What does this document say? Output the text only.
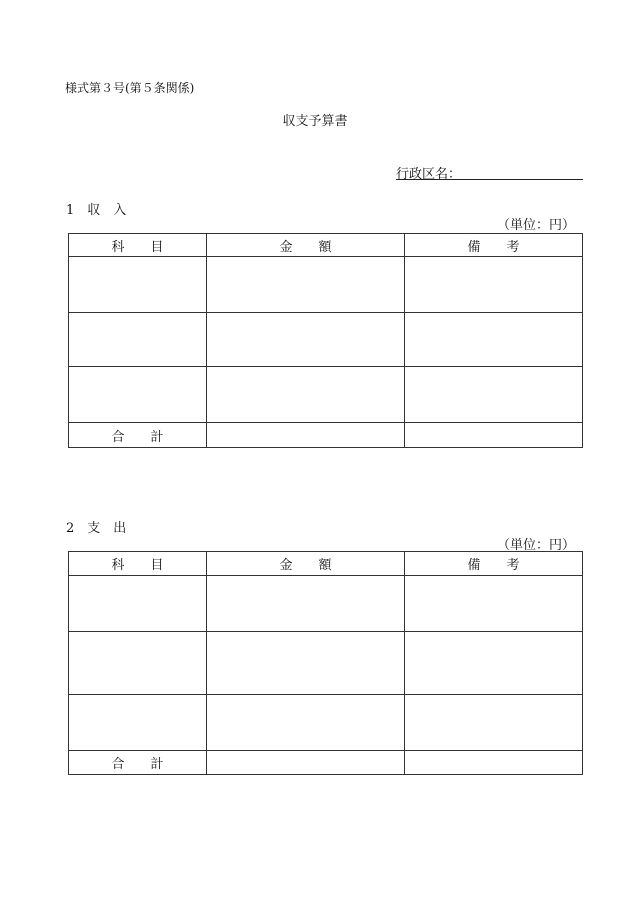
様式第３号(第５条関係)
収支予算書
行政区名：
1　収　入
（単位：円）
科　　目	金　　額	備　　考

合　　計		
2　支　出
（単位：円）
科　　目	金　　額	備　　考

合　　計		
